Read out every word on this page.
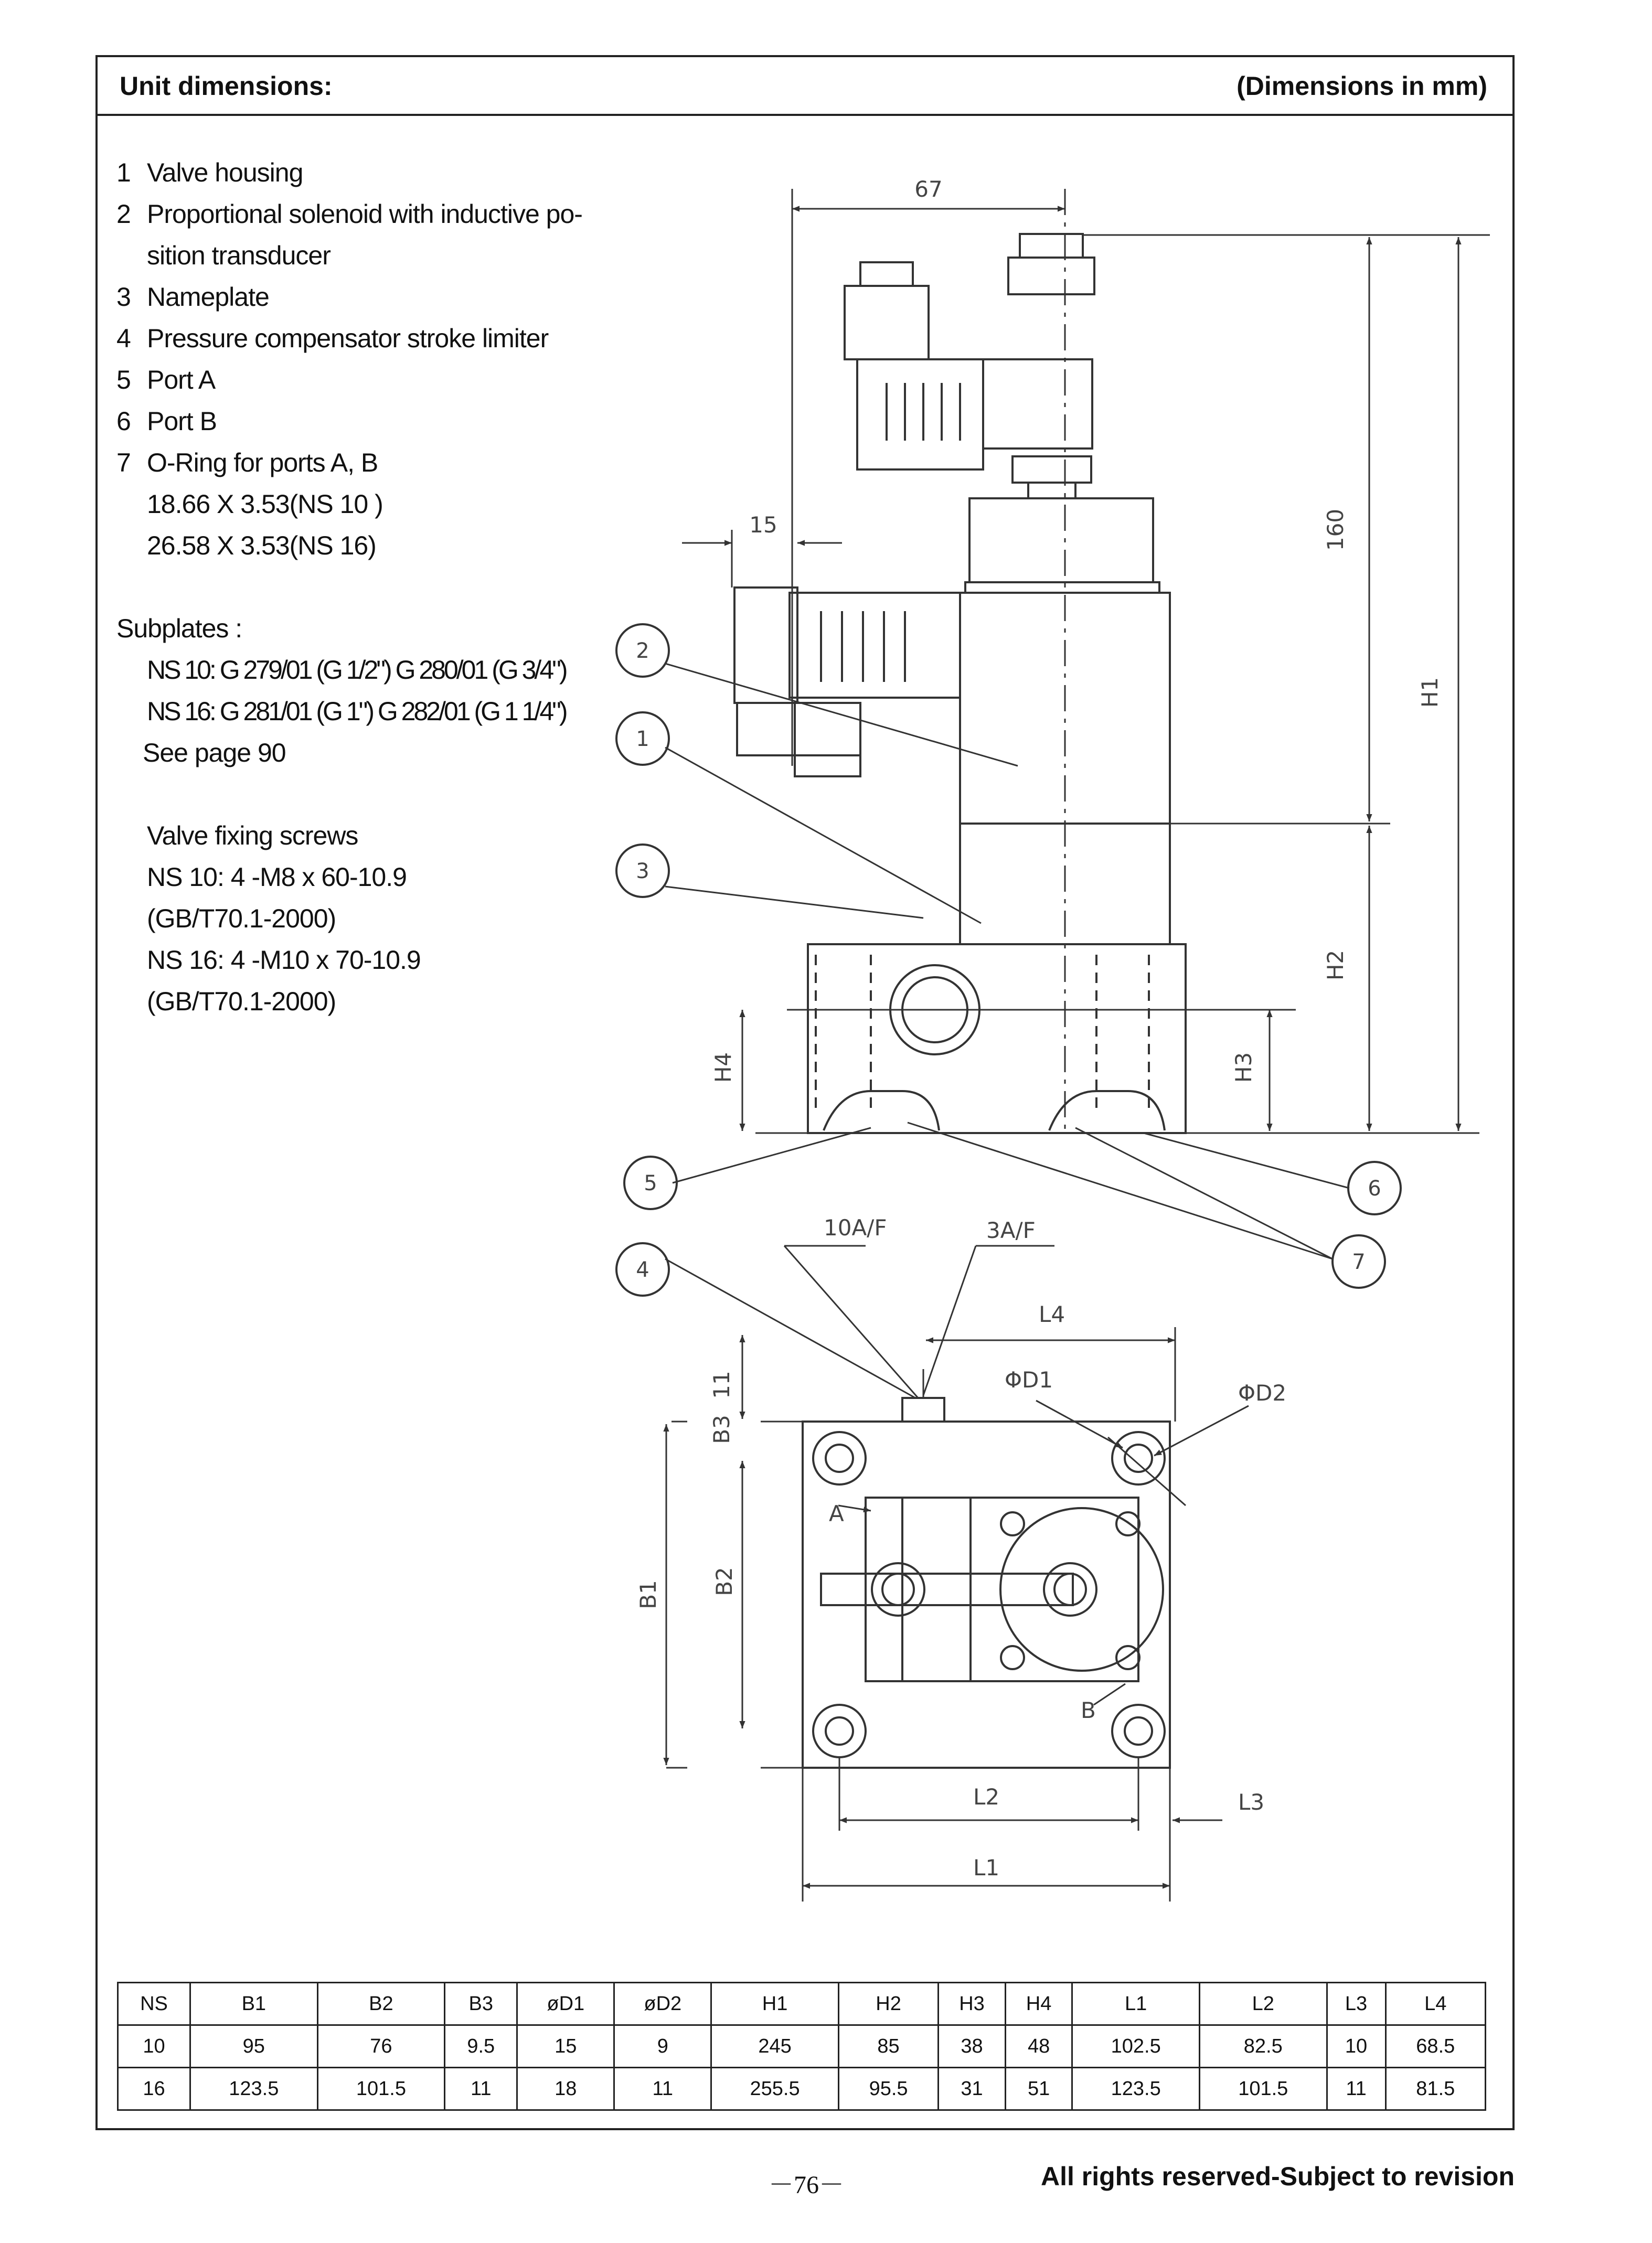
Unit dimensions:	(Dimensions in mm)
1 Valve housing
2 Proportional solenoid with inductive po-
sition transducer
3 Nameplate
4 Pressure compensator stroke limiter
5 Port A
6 Port B
7 O-Ring for ports A, B
18.66 X 3.53(NS 10 )
26.58 X 3.53(NS 16)
Subplates :
NS 10: G 279/01 (G 1/2") G 280/01 (G 3/4")
NS 16: G 281/01 (G 1") G 282/01 (G 1 1/4")
See page 90
Valve fixing screws
NS 10: 4 -M8 x 60-10.9
(GB/T70.1-2000)
NS 16: 4 -M10 x 70-10.9
(GB/T70.1-2000)
2
1
3
5	6
7
4
67
15	160
H1
H2
H3
H4
10A/F	3A/F
L4
ΦD1
ΦD2
B3
11
B1 B2
A
B
L2	L3
L1
NS	B1	B2	B3	øD1	øD2	H1	H2	H3	H4	L1	L2	L3	L4
10	95	76	9.5	15	9	245	85	38	48	102.5	82.5	10	68.5
16	123.5	101.5	11	18	11	255.5	95.5	31	51	123.5	101.5	11	81.5
－76－	All rights reserved-Subject to revision
